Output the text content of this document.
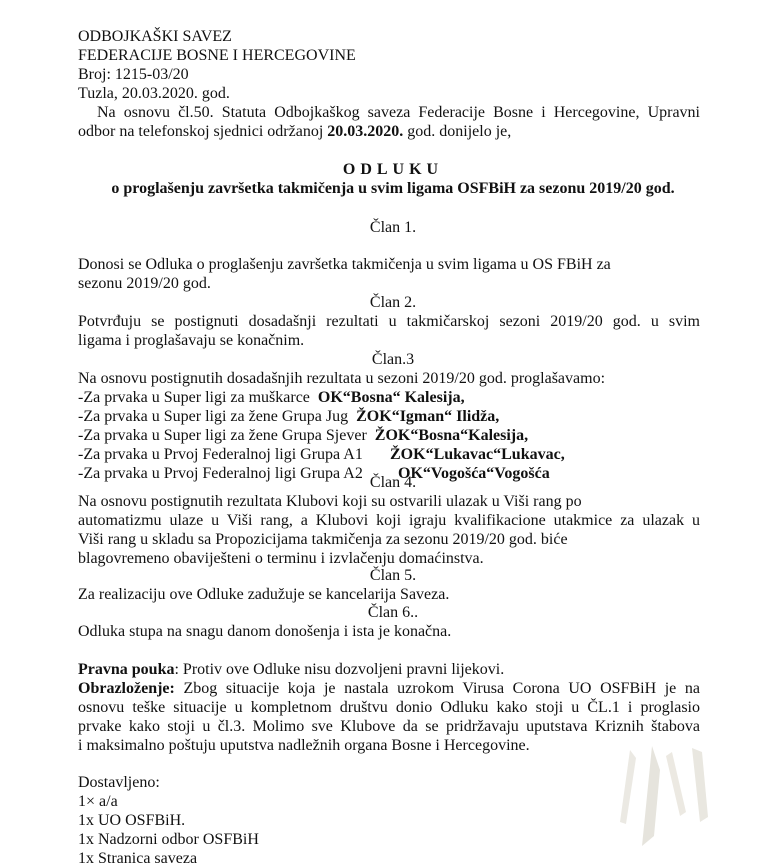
ODBOJKAŠKI SAVEZ
FEDERACIJE BOSNE I HERCEGOVINE
Broj: 1215-03/20
Tuzla, 20.03.2020. god.
Na osnovu čl.50. Statuta Odbojkaškog saveza Federacije Bosne i Hercegovine, Upravni
odbor na telefonskoj sjednici održanoj 20.03.2020. god. donijelo je,
ODLUKU
o proglašenju završetka takmičenja u svim ligama OSFBiH za sezonu 2019/20 god.
Član 1.
Donosi se Odluka o proglašenju završetka takmičenja u svim ligama u OS FBiH za
sezonu 2019/20 god.
Član 2.
Potvrđuju se postignuti dosadašnji rezultati u takmičarskoj sezoni 2019/20 god. u svim
ligama i proglašavaju se konačnim.
Član.3
Na osnovu postignutih dosadašnjih rezultata u sezoni 2019/20 god. proglašavamo:
-Za prvaka u Super ligi za muškarce OK“Bosna“ Kalesija,
-Za prvaka u Super ligi za žene Grupa Jug ŽOK“Igman“ Ilidža,
-Za prvaka u Super ligi za žene Grupa Sjever ŽOK“Bosna“Kalesija,
-Za prvaka u Prvoj Federalnoj ligi Grupa A1 ŽOK“Lukavac“Lukavac,
-Za prvaka u Prvoj Federalnoj ligi Grupa A2 OK“Vogošća“Vogošća
Član 4.
Na osnovu postignutih rezultata Klubovi koji su ostvarili ulazak u Viši rang po
automatizmu ulaze u Viši rang, a Klubovi koji igraju kvalifikacione utakmice za ulazak u
Viši rang u skladu sa Propozicijama takmičenja za sezonu 2019/20 god. biće
blagovremeno obaviješteni o terminu i izvlačenju domaćinstva.
Član 5.
Za realizaciju ove Odluke zadužuje se kancelarija Saveza.
Član 6..
Odluka stupa na snagu danom donošenja i ista je konačna.
Pravna pouka: Protiv ove Odluke nisu dozvoljeni pravni lijekovi.
Obrazloženje: Zbog situacije koja je nastala uzrokom Virusa Corona UO OSFBiH je na
osnovu teške situacije u kompletnom društvu donio Odluku kako stoji u ČL.1 i proglasio
prvake kako stoji u čl.3. Molimo sve Klubove da se pridržavaju uputstava Kriznih štabova
i maksimalno poštuju uputstva nadležnih organa Bosne i Hercegovine.
Dostavljeno:
1× a/a
1x UO OSFBiH.
1x Nadzorni odbor OSFBiH
1x Stranica saveza
